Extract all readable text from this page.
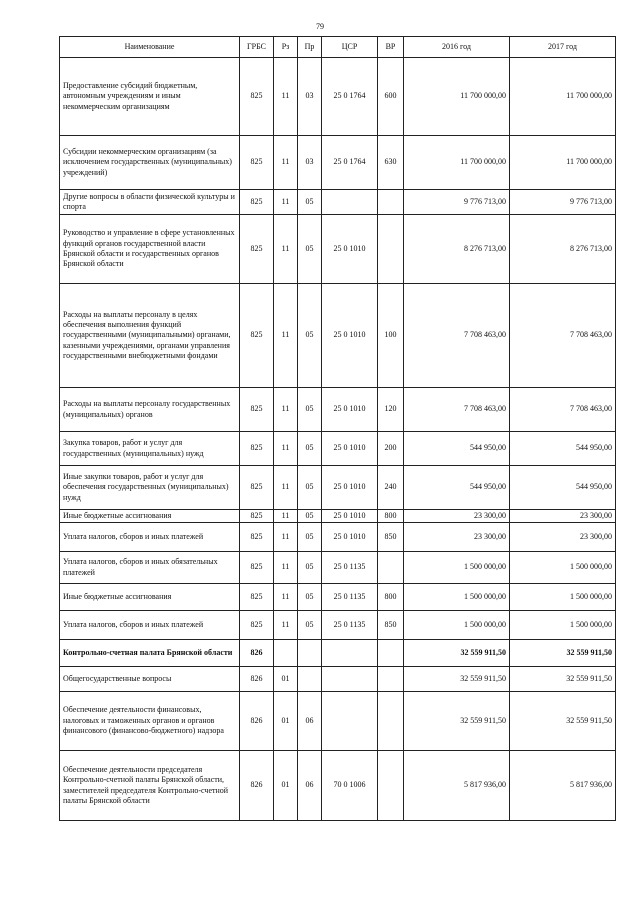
79
Наименование	ГРБС	Рз	Пр	ЦСР	ВР	2016 год	2017 год
Предоставление субсидий бюджетным, автономным учреждениям и иным некоммерческим организациям	825	11	03	25 0 1764	600	11 700 000,00	11 700 000,00
Субсидии некоммерческим организациям (за исключением государственных (муниципальных) учреждений)	825	11	03	25 0 1764	630	11 700 000,00	11 700 000,00
Другие вопросы в области физической культуры и спорта	825	11	05			9 776 713,00	9 776 713,00
Руководство и управление в сфере установленных функций органов государственной власти Брянской области и государственных органов Брянской области	825	11	05	25 0 1010		8 276 713,00	8 276 713,00
Расходы на выплаты персоналу в целях обеспечения выполнения функций государственными (муниципальными) органами, казенными учреждениями, органами управления государственными внебюджетными фондами	825	11	05	25 0 1010	100	7 708 463,00	7 708 463,00
Расходы на выплаты персоналу государственных (муниципальных) органов	825	11	05	25 0 1010	120	7 708 463,00	7 708 463,00
Закупка товаров, работ и услуг для государственных (муниципальных) нужд	825	11	05	25 0 1010	200	544 950,00	544 950,00
Иные закупки товаров, работ и услуг для обеспечения государственных (муниципальных) нужд	825	11	05	25 0 1010	240	544 950,00	544 950,00
Иные бюджетные ассигнования	825	11	05	25 0 1010	800	23 300,00	23 300,00
Уплата налогов, сборов и иных платежей	825	11	05	25 0 1010	850	23 300,00	23 300,00
Уплата налогов, сборов и иных обязательных платежей	825	11	05	25 0 1135		1 500 000,00	1 500 000,00
Иные бюджетные ассигнования	825	11	05	25 0 1135	800	1 500 000,00	1 500 000,00
Уплата налогов, сборов и иных платежей	825	11	05	25 0 1135	850	1 500 000,00	1 500 000,00
Контрольно-счетная палата Брянской области	826					32 559 911,50	32 559 911,50
Общегосударственные вопросы	826	01				32 559 911,50	32 559 911,50
Обеспечение деятельности финансовых, налоговых и таможенных органов и органов финансового (финансово-бюджетного) надзора	826	01	06			32 559 911,50	32 559 911,50
Обеспечение деятельности председателя Контрольно-счетной палаты Брянской области, заместителей председателя Контрольно-счетной палаты Брянской области	826	01	06	70 0 1006		5 817 936,00	5 817 936,00
